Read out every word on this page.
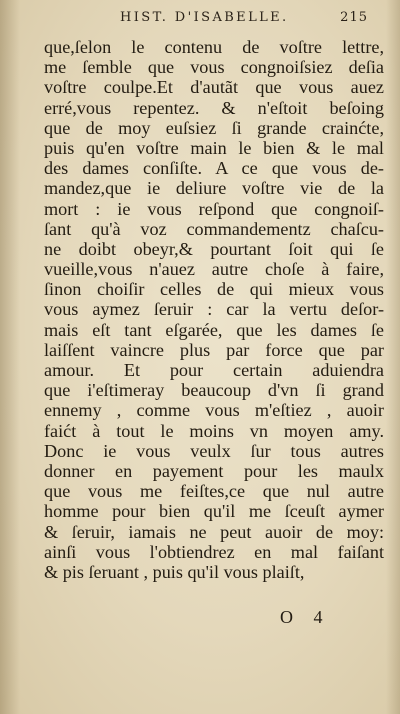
HIST. D'ISABELLE.	215
que,ſelon le contenu de voſtre lettre,
me ſemble que vous congnoiſsiez deſia
voſtre coulpe.Et d'autãt que vous auez
erré,vous repentez. & n'eſtoit beſoing
que de moy euſsiez ſi grande crainćte,
puis qu'en voſtre main le bien & le mal
des dames conſiſte. A ce que vous de-
mandez,que ie deliure voſtre vie de la
mort : ie vous reſpond que congnoiſ-
ſant qu'à voz commandementz chaſcu-
ne doibt obeyr,& pourtant ſoit qui ſe
vueille,vous n'auez autre choſe à faire,
ſinon choiſir celles de qui mieux vous
vous aymez ſeruir : car la vertu deſor-
mais eſt tant eſgarée, que les dames ſe
laiſſent vaincre plus par force que par
amour. Et pour certain aduiendra
que i'eſtimeray beaucoup d'vn ſi grand
ennemy , comme vous m'eſtiez , auoir
faićt à tout le moins vn moyen amy.
Donc ie vous veulx ſur tous autres
donner en payement pour les maulx
que vous me feiſtes,ce que nul autre
homme pour bien qu'il me ſceuſt aymer
& ſeruir, iamais ne peut auoir de moy:
ainſi vous l'obtiendrez en mal faiſant
& pis ſeruant , puis qu'il vous plaiſt,
O 4
